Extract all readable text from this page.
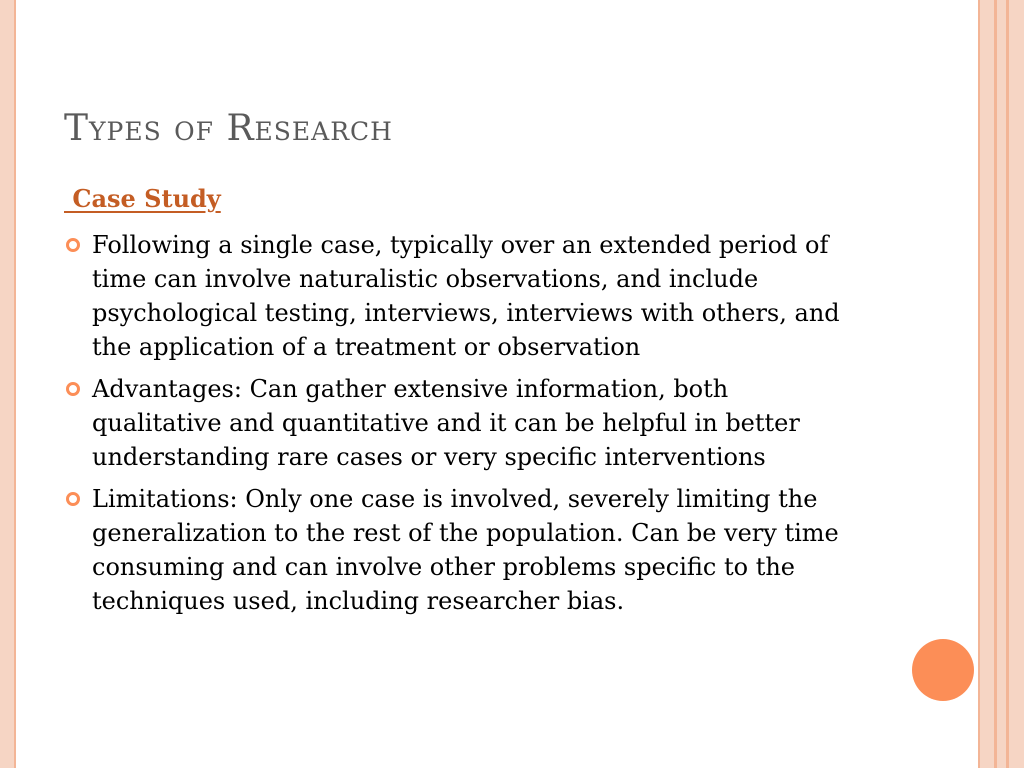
Types of Research
Case Study
Following a single case, typically over an extended period of time can involve naturalistic observations, and include psychological testing, interviews, interviews with others, and the application of a treatment or observation
Advantages: Can gather extensive information, both qualitative and quantitative and it can be helpful in better understanding rare cases or very specific interventions
Limitations: Only one case is involved, severely limiting the generalization to the rest of the population. Can be very time consuming and can involve other problems specific to the techniques used, including researcher bias.
